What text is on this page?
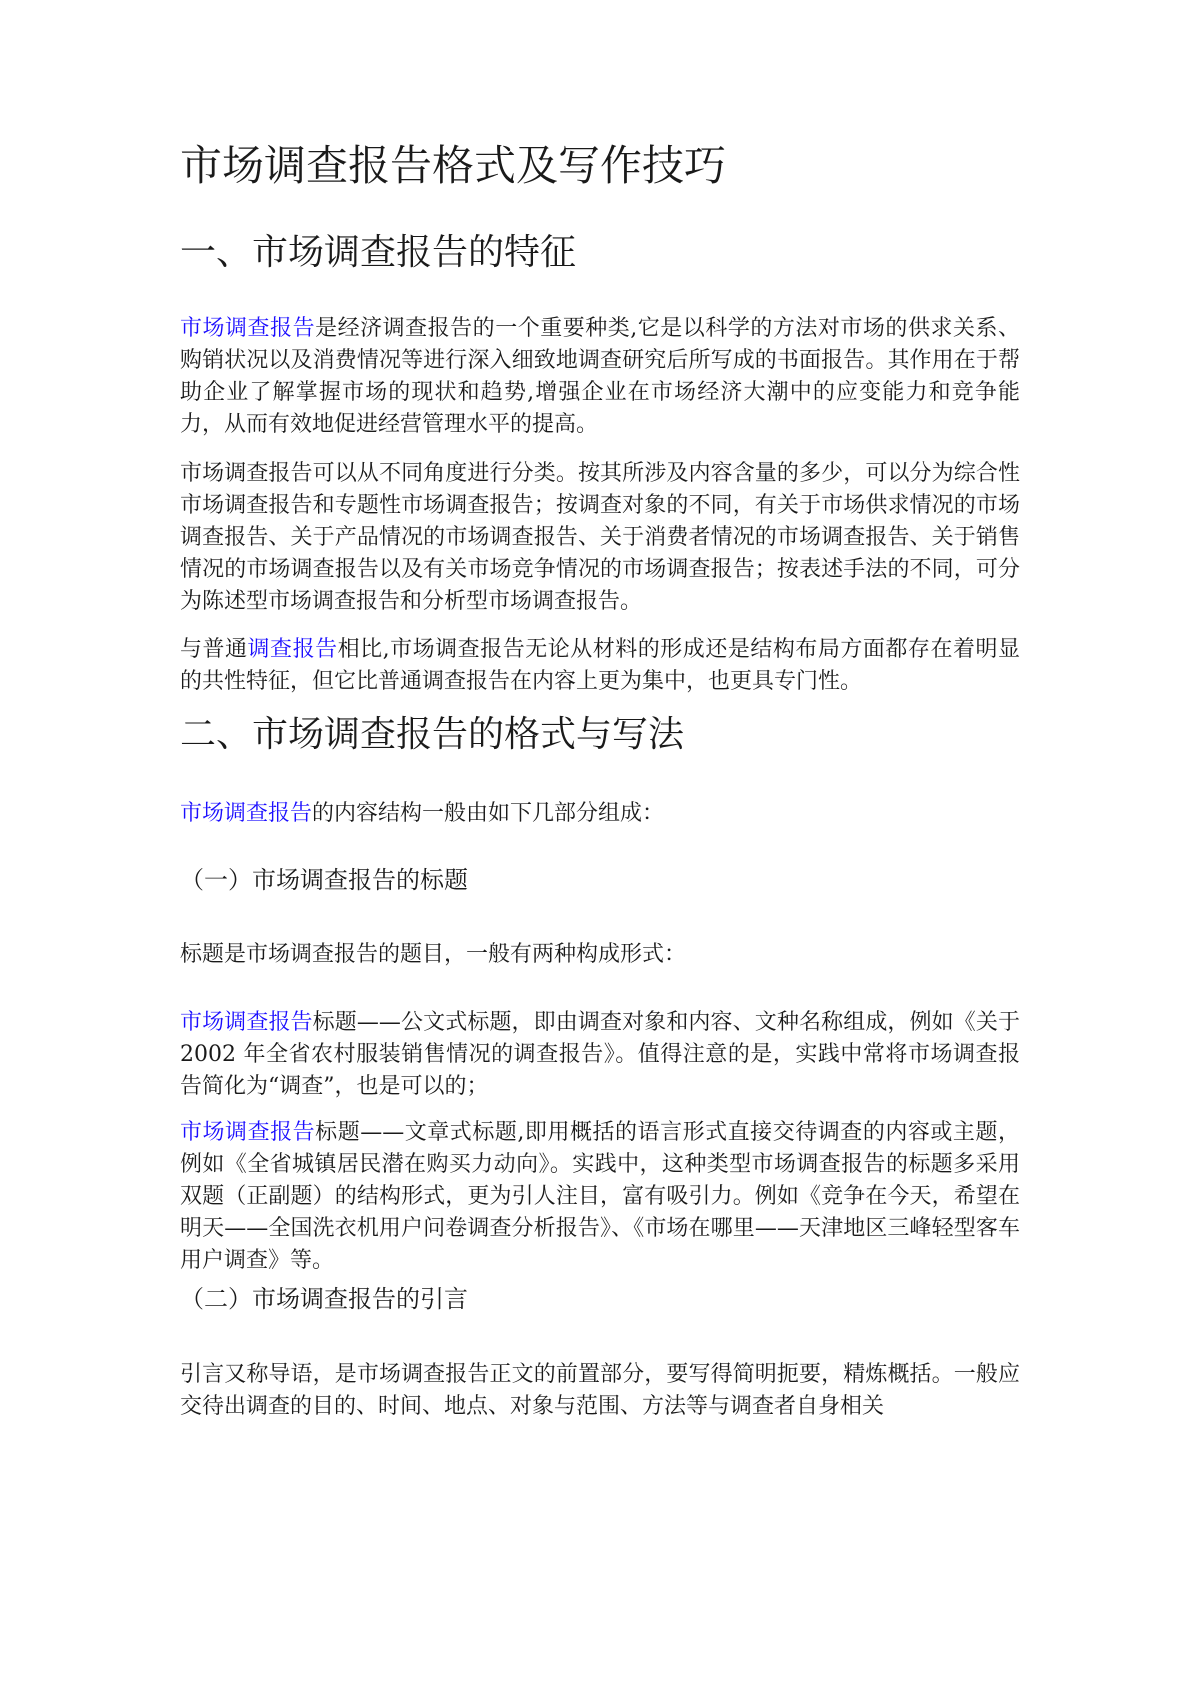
市场调查报告格式及写作技巧
一、市场调查报告的特征

市场调查报告是经济调查报告的一个重要种类,它是以科学的方法对市场的供求关系、购销状况以及消费情况等进行深入细致地调查研究后所写成的书面报告。其作用在于帮助企业了解掌握市场的现状和趋势,增强企业在市场经济大潮中的应变能力和竞争能力，从而有效地促进经营管理水平的提高。

市场调查报告可以从不同角度进行分类。按其所涉及内容含量的多少，可以分为综合性市场调查报告和专题性市场调查报告；按调查对象的不同，有关于市场供求情况的市场调查报告、关于产品情况的市场调查报告、关于消费者情况的市场调查报告、关于销售情况的市场调查报告以及有关市场竞争情况的市场调查报告；按表述手法的不同，可分为陈述型市场调查报告和分析型市场调查报告。

与普通调查报告相比,市场调查报告无论从材料的形成还是结构布局方面都存在着明显的共性特征，但它比普通调查报告在内容上更为集中，也更具专门性。

二、市场调查报告的格式与写法

市场调查报告的内容结构一般由如下几部分组成：

（一）市场调查报告的标题

标题是市场调查报告的题目，一般有两种构成形式：

市场调查报告标题——公文式标题，即由调查对象和内容、文种名称组成，例如《关于 2002 年全省农村服装销售情况的调查报告》。值得注意的是，实践中常将市场调查报告简化为“调查”，也是可以的；

市场调查报告标题——文章式标题,即用概括的语言形式直接交待调查的内容或主题，例如《全省城镇居民潜在购买力动向》。实践中，这种类型市场调查报告的标题多采用双题（正副题）的结构形式，更为引人注目，富有吸引力。例如《竞争在今天，希望在明天——全国洗衣机用户问卷调查分析报告》、《市场在哪里——天津地区三峰轻型客车用户调查》等。

（二）市场调查报告的引言

引言又称导语，是市场调查报告正文的前置部分，要写得简明扼要，精炼概括。一般应交待出调查的目的、时间、地点、对象与范围、方法等与调查者自身相关
